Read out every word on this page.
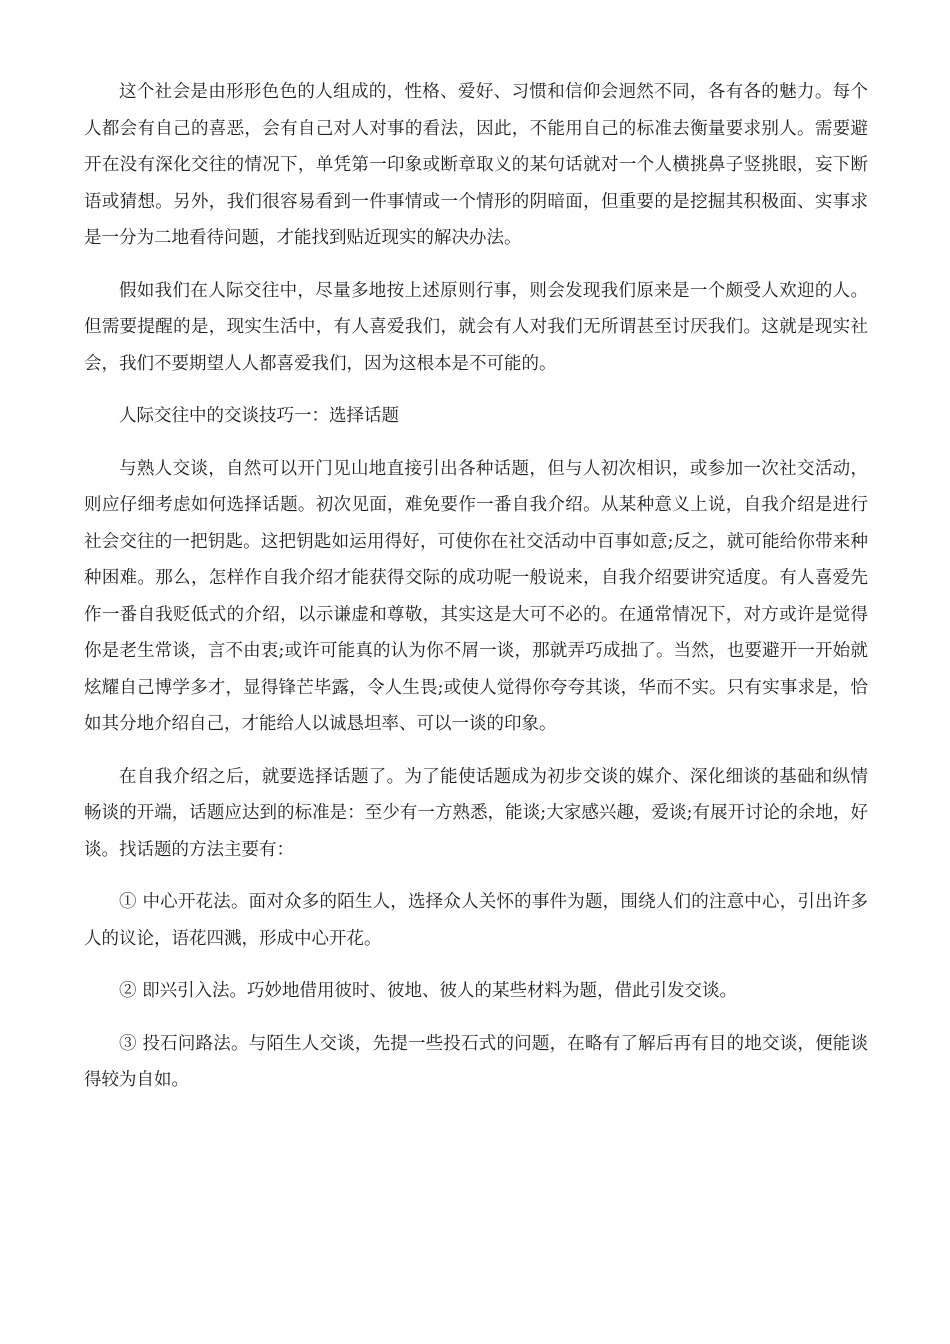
这个社会是由形形色色的人组成的，性格、爱好、习惯和信仰会迥然不同，各有各的魅力。每个人都会有自己的喜恶，会有自己对人对事的看法，因此，不能用自己的标准去衡量要求别人。需要避开在没有深化交往的情况下，单凭第一印象或断章取义的某句话就对一个人横挑鼻子竖挑眼，妄下断语或猜想。另外，我们很容易看到一件事情或一个情形的阴暗面，但重要的是挖掘其积极面、实事求是一分为二地看待问题，才能找到贴近现实的解决办法。

假如我们在人际交往中，尽量多地按上述原则行事，则会发现我们原来是一个颇受人欢迎的人。但需要提醒的是，现实生活中，有人喜爱我们，就会有人对我们无所谓甚至讨厌我们。这就是现实社会，我们不要期望人人都喜爱我们，因为这根本是不可能的。

人际交往中的交谈技巧一：选择话题

与熟人交谈，自然可以开门见山地直接引出各种话题，但与人初次相识，或参加一次社交活动，则应仔细考虑如何选择话题。初次见面，难免要作一番自我介绍。从某种意义上说，自我介绍是进行社会交往的一把钥匙。这把钥匙如运用得好，可使你在社交活动中百事如意;反之，就可能给你带来种种困难。那么，怎样作自我介绍才能获得交际的成功呢一般说来，自我介绍要讲究适度。有人喜爱先作一番自我贬低式的介绍，以示谦虚和尊敬，其实这是大可不必的。在通常情况下，对方或许是觉得你是老生常谈，言不由衷;或许可能真的认为你不屑一谈，那就弄巧成拙了。当然，也要避开一开始就炫耀自己博学多才，显得锋芒毕露，令人生畏;或使人觉得你夸夸其谈，华而不实。只有实事求是，恰如其分地介绍自己，才能给人以诚恳坦率、可以一谈的印象。

在自我介绍之后，就要选择话题了。为了能使话题成为初步交谈的媒介、深化细谈的基础和纵情畅谈的开端，话题应达到的标准是：至少有一方熟悉，能谈;大家感兴趣，爱谈;有展开讨论的余地，好谈。找话题的方法主要有：

① 中心开花法。面对众多的陌生人，选择众人关怀的事件为题，围绕人们的注意中心，引出许多人的议论，语花四溅，形成中心开花。

② 即兴引入法。巧妙地借用彼时、彼地、彼人的某些材料为题，借此引发交谈。

③ 投石问路法。与陌生人交谈，先提一些投石式的问题，在略有了解后再有目的地交谈，便能谈得较为自如。
